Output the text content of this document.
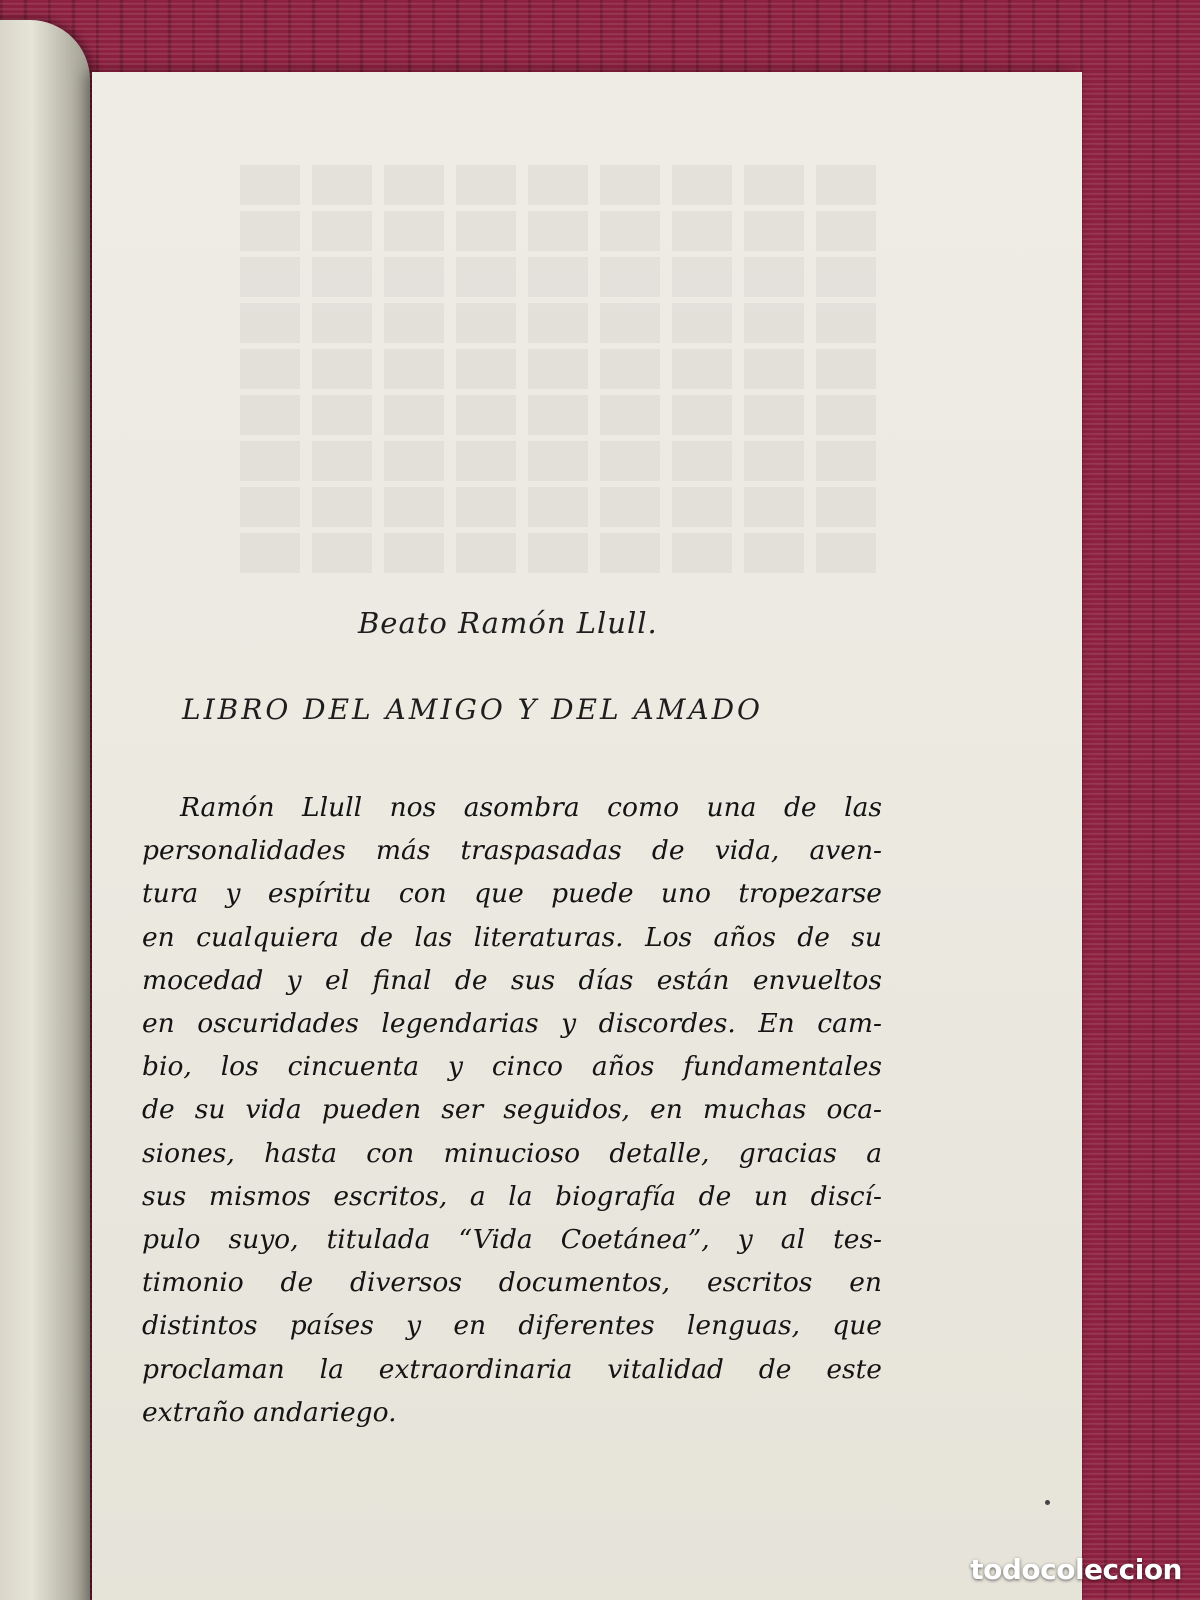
Beato Ramón Llull.
LIBRO DEL AMIGO Y DEL AMADO
Ramón Llull nos asombra como una de las
personalidades más traspasadas de vida, aven-
tura y espíritu con que puede uno tropezarse
en cualquiera de las literaturas. Los años de su
mocedad y el final de sus días están envueltos
en oscuridades legendarias y discordes. En cam-
bio, los cincuenta y cinco años fundamentales
de su vida pueden ser seguidos, en muchas oca-
siones, hasta con minucioso detalle, gracias a
sus mismos escritos, a la biografía de un discí-
pulo suyo, titulada “Vida Coetánea”, y al tes-
timonio de diversos documentos, escritos en
distintos países y en diferentes lenguas, que
proclaman la extraordinaria vitalidad de este
extraño andariego.
todocoleccion
